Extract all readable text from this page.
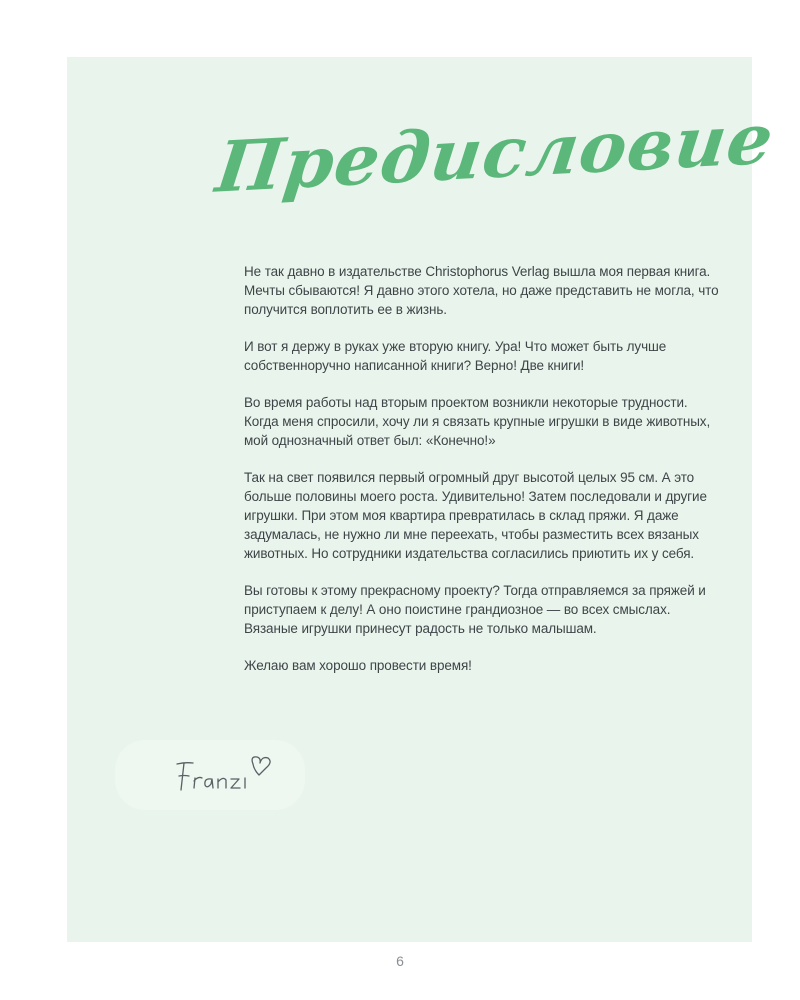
Предисловие

Не так давно в издательстве Christophorus Verlag вышла моя первая книга. Мечты сбываются! Я давно этого хотела, но даже представить не могла, что получится воплотить ее в жизнь.

И вот я держу в руках уже вторую книгу. Ура! Что может быть лучше собственноручно написанной книги? Верно! Две книги!

Во время работы над вторым проектом возникли некоторые трудности. Когда меня спросили, хочу ли я связать крупные игрушки в виде животных, мой однозначный ответ был: «Конечно!»

Так на свет появился первый огромный друг высотой целых 95 см. А это больше половины моего роста. Удивительно! Затем последовали и другие игрушки. При этом моя квартира превратилась в склад пряжи. Я даже задумалась, не нужно ли мне переехать, чтобы разместить всех вязаных животных. Но сотрудники издательства согласились приютить их у себя.

Вы готовы к этому прекрасному проекту? Тогда отправляемся за пряжей и приступаем к делу! А оно поистине грандиозное — во всех смыслах. Вязаные игрушки принесут радость не только малышам.

Желаю вам хорошо провести время!

6
